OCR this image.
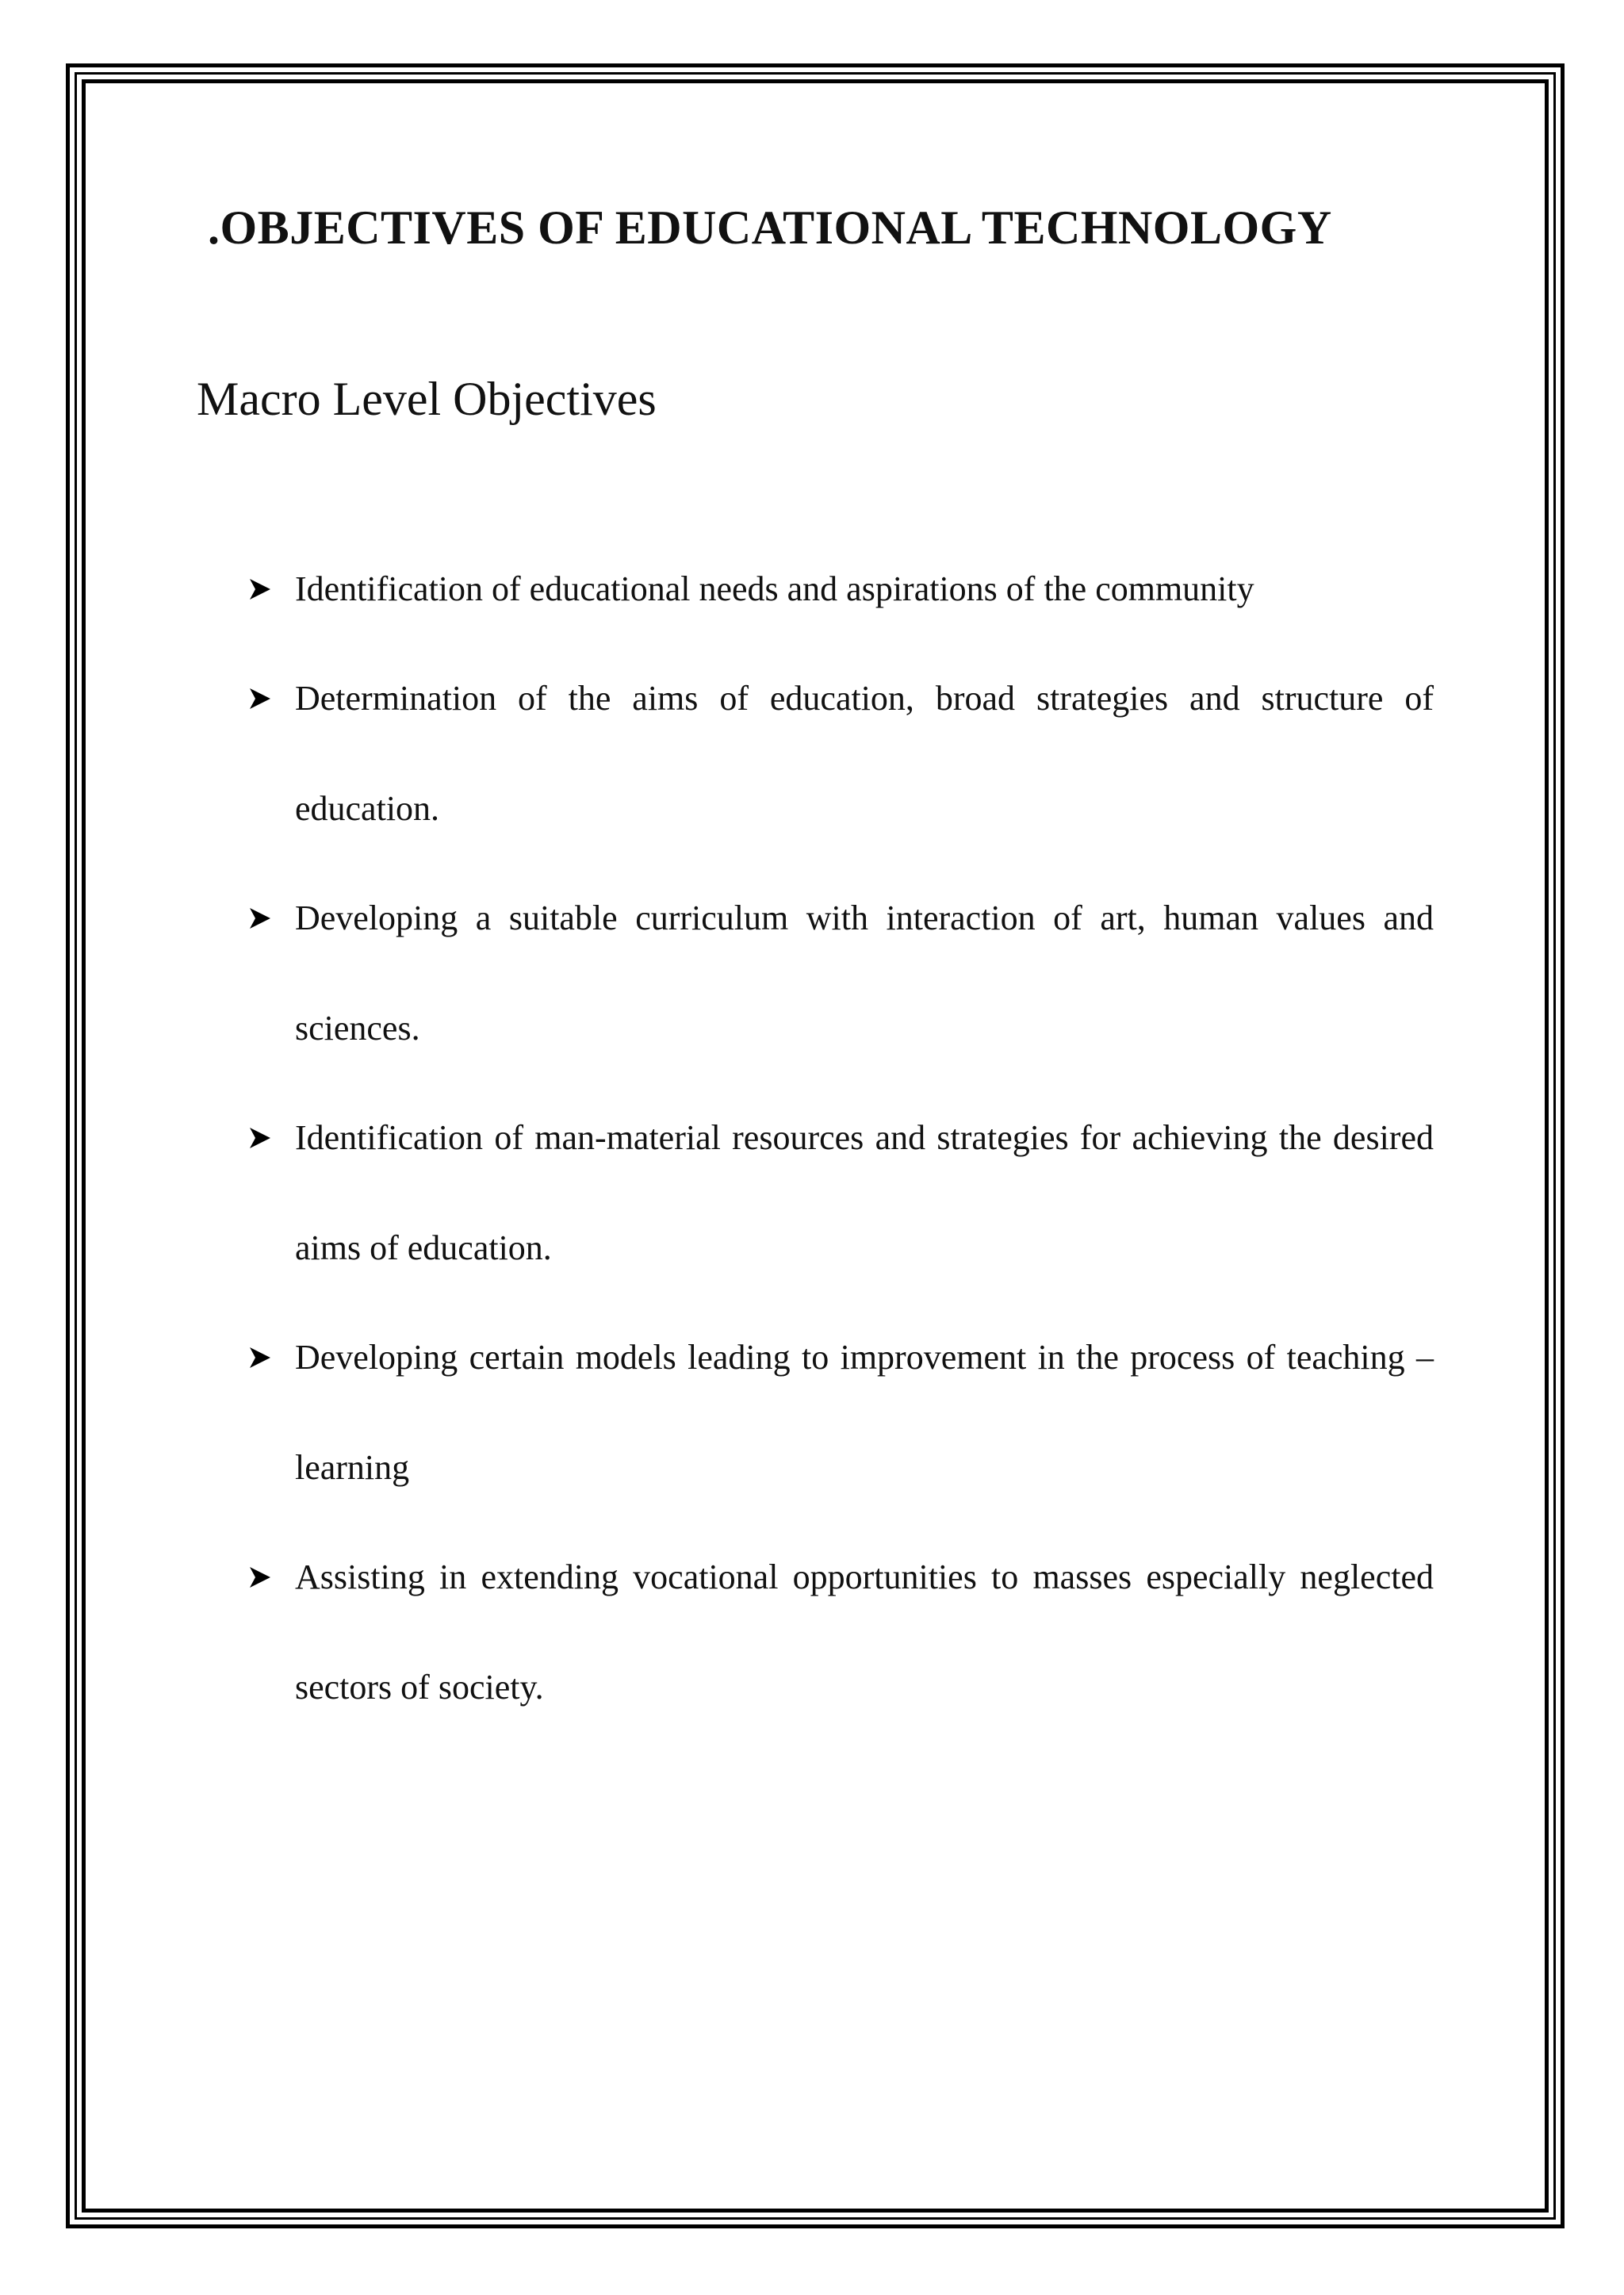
.OBJECTIVES OF EDUCATIONAL TECHNOLOGY
Macro Level Objectives
Identification of educational needs and aspirations of the community
Determination of the aims of education, broad strategies and structure of education.
Developing a suitable curriculum with interaction of art, human values and sciences.
Identification of man-material resources and strategies for achieving the desired aims of education.
Developing certain models leading to improvement in the process of teaching – learning
Assisting in extending vocational opportunities to masses especially neglected sectors of society.
